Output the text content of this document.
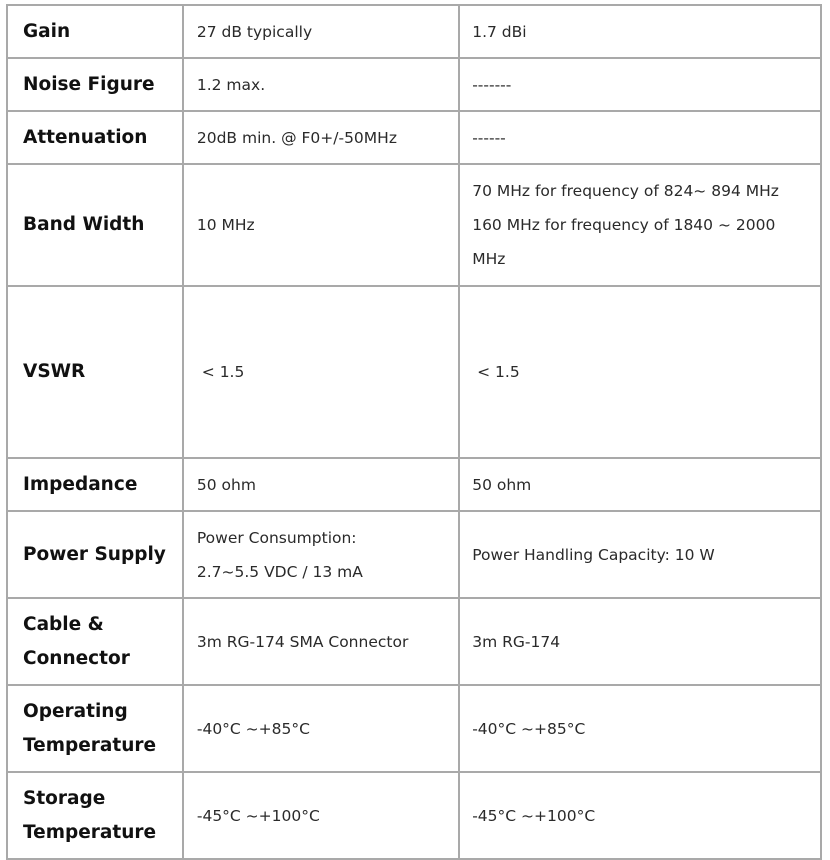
Gain	27 dB typically	1.7 dBi

Noise Figure	1.2 max.	-------

Attenuation	20dB min. @ F0+/-50MHz	------

Band Width	10 MHz	70 MHz for frequency of 824~ 894 MHz
160 MHz for frequency of 1840 ~ 2000
MHz

VSWR	< 1.5	< 1.5

Impedance	50 ohm	50 ohm

Power Supply	Power Consumption:
2.7~5.5 VDC / 13 mA	Power Handling Capacity: 10 W

Cable & Connector	3m RG-174 SMA Connector	3m RG-174

Operating Temperature	-40°C ~+85°C	-40°C ~+85°C

Storage Temperature	-45°C ~+100°C	-45°C ~+100°C
